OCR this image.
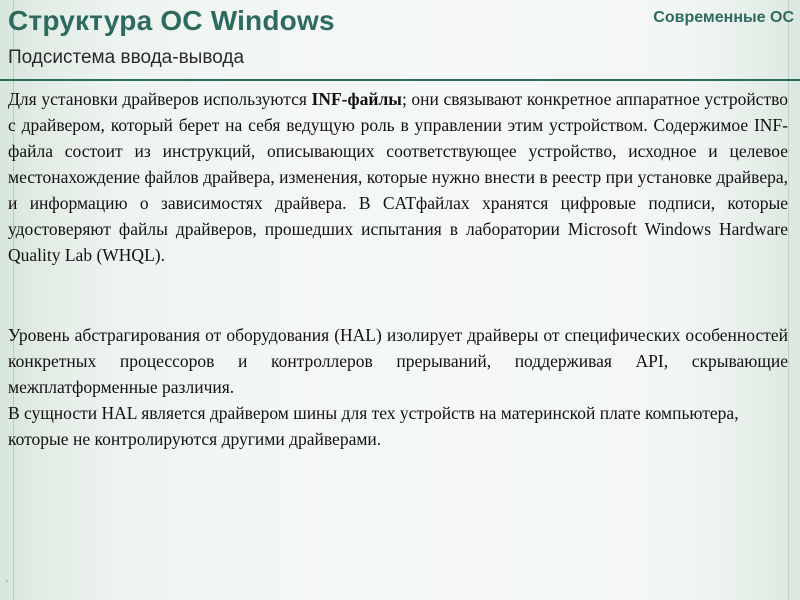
Структура ОС Windows	Современные ОС
Подсистема ввода-вывода

Для установки драйверов используются INF-файлы; они связывают конкретное аппаратное устройство с драйвером, который берет на себя ведущую роль в управлении этим устройством. Содержимое INF-файла состоит из инструкций, описывающих соответствующее устройство, исходное и целевое местонахождение файлов драйвера, изменения, которые нужно внести в реестр при установке драйвера, и информацию о зависимостях драйвера. В CATфайлах хранятся цифровые подписи, которые удостоверяют файлы драйверов, прошедших испытания в лаборатории Microsoft Windows Hardware Quality Lab (WHQL).

Уровень абстрагирования от оборудования (HAL) изолирует драйверы от специфических особенностей конкретных процессоров и контроллеров прерываний, поддерживая API, скрывающие межплатформенные различия.

В сущности HAL является драйвером шины для тех устройств на материнской плате компьютера, которые не контролируются другими драйверами.
